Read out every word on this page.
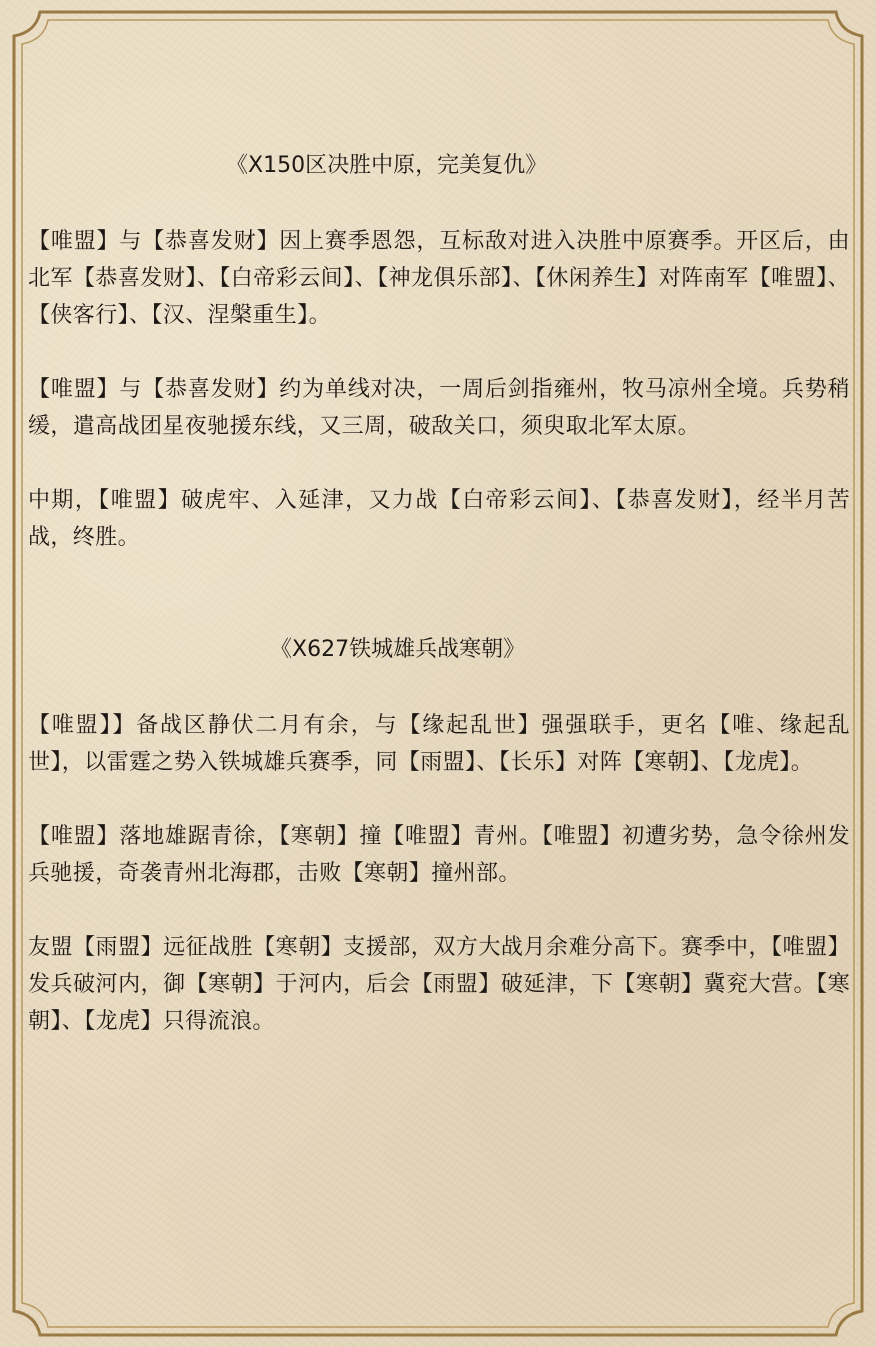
《X150区决胜中原，完美复仇》

【唯盟】与【恭喜发财】因上赛季恩怨，互标敌对进入决胜中原赛季。开区后，由北军【恭喜发财】、【白帝彩云间】、【神龙俱乐部】、【休闲养生】对阵南军【唯盟】、【侠客行】、【汉、涅槃重生】。

【唯盟】与【恭喜发财】约为单线对决，一周后剑指雍州，牧马凉州全境。兵势稍缓，遣高战团星夜驰援东线，又三周，破敌关口，须臾取北军太原。

中期，【唯盟】破虎牢、入延津，又力战【白帝彩云间】、【恭喜发财】，经半月苦战，终胜。

《X627铁城雄兵战寒朝》

【唯盟】】备战区静伏二月有余，与【缘起乱世】强强联手，更名【唯、缘起乱世】，以雷霆之势入铁城雄兵赛季，同【雨盟】、【长乐】对阵【寒朝】、【龙虎】。

【唯盟】落地雄踞青徐，【寒朝】撞【唯盟】青州。【唯盟】初遭劣势，急令徐州发兵驰援，奇袭青州北海郡，击败【寒朝】撞州部。

友盟【雨盟】远征战胜【寒朝】支援部，双方大战月余难分高下。赛季中，【唯盟】发兵破河内，御【寒朝】于河内，后会【雨盟】破延津，下【寒朝】冀兖大营。【寒朝】、【龙虎】只得流浪。
